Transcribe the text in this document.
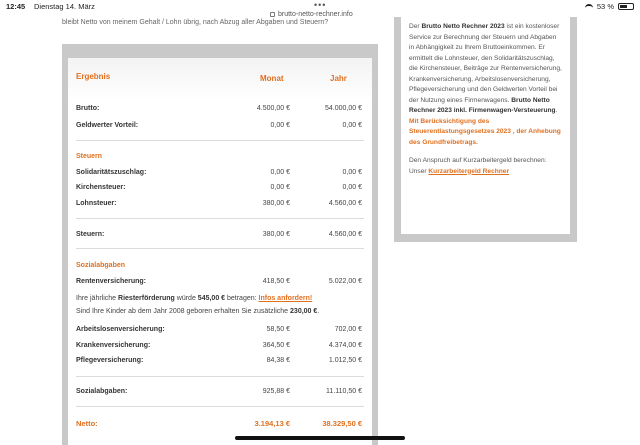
12:45 Dienstag 14. März	•••
brutto-netto-rechner.info
53 %
bleibt Netto von meinem Gehalt / Lohn übrig, nach Abzug aller Abgaben und Steuern?
Ergebnis	Monat	Jahr
Brutto:	4.500,00 €	54.000,00 €
Geldwerter Vorteil:	0,00 €	0,00 €
Steuern
Solidaritätszuschlag:	0,00 €	0,00 €
Kirchensteuer:	0,00 €	0,00 €
Lohnsteuer:	380,00 €	4.560,00 €
Steuern:	380,00 €	4.560,00 €
Sozialabgaben
Rentenversicherung:	418,50 €	5.022,00 €
Ihre jährliche Riesterförderung würde 545,00 € betragen: Infos anfordern!
Sind Ihre Kinder ab dem Jahr 2008 geboren erhalten Sie zusätzliche 230,00 €.
Arbeitslosenversicherung:	58,50 €	702,00 €
Krankenversicherung:	364,50 €	4.374,00 €
Pflegeversicherung:	84,38 €	1.012,50 €
Sozialabgaben:	925,88 €	11.110,50 €
Netto:	3.194,13 €	38.329,50 €

Der Brutto Netto Rechner 2023 ist ein kostenloser Service zur Berechnung der Steuern und Abgaben in Abhängigkeit zu Ihrem Bruttoeinkommen. Er ermittelt die Lohnsteuer, den Solidaritätszuschlag, die Kirchensteuer, Beiträge zur Rentenversicherung, Krankenversicherung, Arbeitslosenversicherung, Pflegeversicherung und den Geldwerten Vorteil bei der Nutzung eines Firmenwagens. Brutto Netto Rechner 2023 inkl. Firmenwagen-Versteuerung. Mit Berücksichtigung des Steuerentlastungsgesetzes 2023 , der Anhebung des Grundfreibetrags.

Den Anspruch auf Kurzarbeitergeld berechnen: Unser Kurzarbeitergeld Rechner
